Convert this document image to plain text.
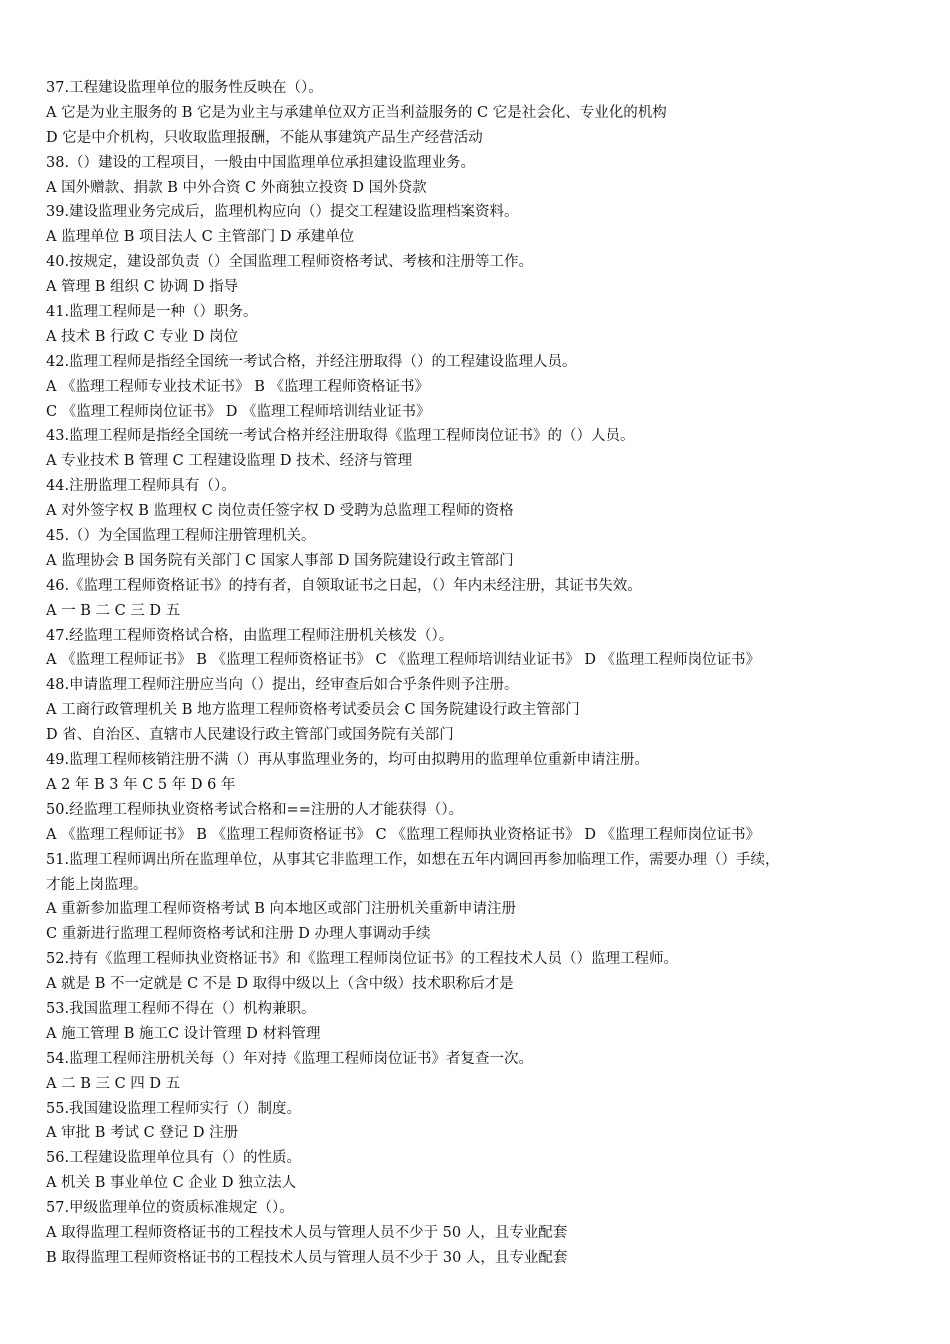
37.工程建设监理单位的服务性反映在（）。
A 它是为业主服务的 B 它是为业主与承建单位双方正当利益服务的 C 它是社会化、专业化的机构
D 它是中介机构，只收取监理报酬，不能从事建筑产品生产经营活动
38.（）建设的工程项目，一般由中国监理单位承担建设监理业务。
A 国外赠款、捐款 B 中外合资 C 外商独立投资 D 国外贷款
39.建设监理业务完成后，监理机构应向（）提交工程建设监理档案资料。
A 监理单位 B 项目法人 C 主管部门 D 承建单位
40.按规定，建设部负责（）全国监理工程师资格考试、考核和注册等工作。
A 管理 B 组织 C 协调 D 指导
41.监理工程师是一种（）职务。
A 技术 B 行政 C 专业 D 岗位
42.监理工程师是指经全国统一考试合格，并经注册取得（）的工程建设监理人员。
A 《监理工程师专业技术证书》 B 《监理工程师资格证书》
C 《监理工程师岗位证书》 D 《监理工程师培训结业证书》
43.监理工程师是指经全国统一考试合格并经注册取得《监理工程师岗位证书》的（）人员。
A 专业技术 B 管理 C 工程建设监理 D 技术、经济与管理
44.注册监理工程师具有（）。
A 对外签字权 B 监理权 C 岗位责任签字权 D 受聘为总监理工程师的资格
45.（）为全国监理工程师注册管理机关。
A 监理协会 B 国务院有关部门 C 国家人事部 D 国务院建设行政主管部门
46.《监理工程师资格证书》的持有者，自领取证书之日起，（）年内未经注册，其证书失效。
A 一 B 二 C 三 D 五
47.经监理工程师资格试合格，由监理工程师注册机关核发（）。
A 《监理工程师证书》 B 《监理工程师资格证书》 C 《监理工程师培训结业证书》 D 《监理工程师岗位证书》
48.申请监理工程师注册应当向（）提出，经审查后如合乎条件则予注册。
A 工商行政管理机关 B 地方监理工程师资格考试委员会 C 国务院建设行政主管部门
D 省、自治区、直辖市人民建设行政主管部门或国务院有关部门
49.监理工程师核销注册不满（）再从事监理业务的，均可由拟聘用的监理单位重新申请注册。
A 2 年 B 3 年 C 5 年 D 6 年
50.经监理工程师执业资格考试合格和==注册的人才能获得（）。
A 《监理工程师证书》 B 《监理工程师资格证书》 C 《监理工程师执业资格证书》 D 《监理工程师岗位证书》
51.监理工程师调出所在监理单位，从事其它非监理工作，如想在五年内调回再参加临理工作，需要办理（）手续，
才能上岗监理。
A 重新参加监理工程师资格考试 B 向本地区或部门注册机关重新申请注册
C 重新进行监理工程师资格考试和注册 D 办理人事调动手续
52.持有《监理工程师执业资格证书》和《监理工程师岗位证书》的工程技术人员（）监理工程师。
A 就是 B 不一定就是 C 不是 D 取得中级以上（含中级）技术职称后才是
53.我国监理工程师不得在（）机构兼职。
A 施工管理 B 施工C 设计管理 D 材料管理
54.监理工程师注册机关每（）年对持《监理工程师岗位证书》者复查一次。
A 二 B 三 C 四 D 五
55.我国建设监理工程师实行（）制度。
A 审批 B 考试 C 登记 D 注册
56.工程建设监理单位具有（）的性质。
A 机关 B 事业单位 C 企业 D 独立法人
57.甲级监理单位的资质标准规定（）。
A 取得监理工程师资格证书的工程技术人员与管理人员不少于 50 人，且专业配套
B 取得监理工程师资格证书的工程技术人员与管理人员不少于 30 人，且专业配套
